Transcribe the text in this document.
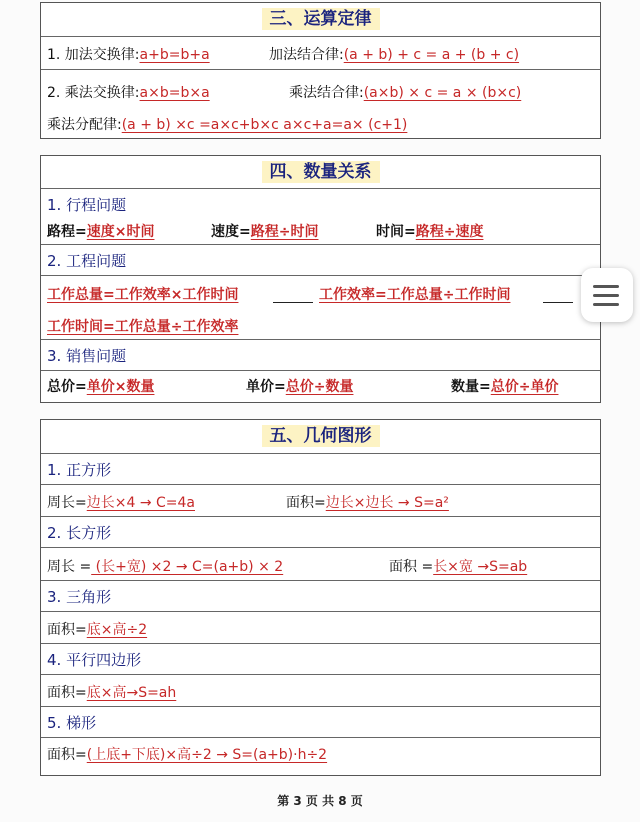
三、运算定律
1. 加法交换律:a+b=b+a	加法结合律:(a + b) + c = a + (b + c)
2. 乘法交换律:a×b=b×a	乘法结合律:(a×b) × c = a × (b×c)
乘法分配律:(a + b) ×c =a×c+b×c a×c+a=a× (c+1)
四、数量关系
1. 行程问题
路程=速度×时间	速度=路程÷时间	时间=路程÷速度
2. 工程问题
工作总量=工作效率×工作时间	工作效率=工作总量÷工作时间
工作时间=工作总量÷工作效率
3. 销售问题
总价=单价×数量	单价=总价÷数量	数量=总价÷单价
五、几何图形
1. 正方形
周长=边长×4 → C=4a	面积=边长×边长 → S=a²
2. 长方形
周长 = (长+宽) ×2 → C=(a+b) × 2	面积 =长×宽 →S=ab
3. 三角形
面积=底×高÷2
4. 平行四边形
面积=底×高→S=ah
5. 梯形
面积=(上底+下底)×高÷2 → S=(a+b)·h÷2
第 3 页 共 8 页
